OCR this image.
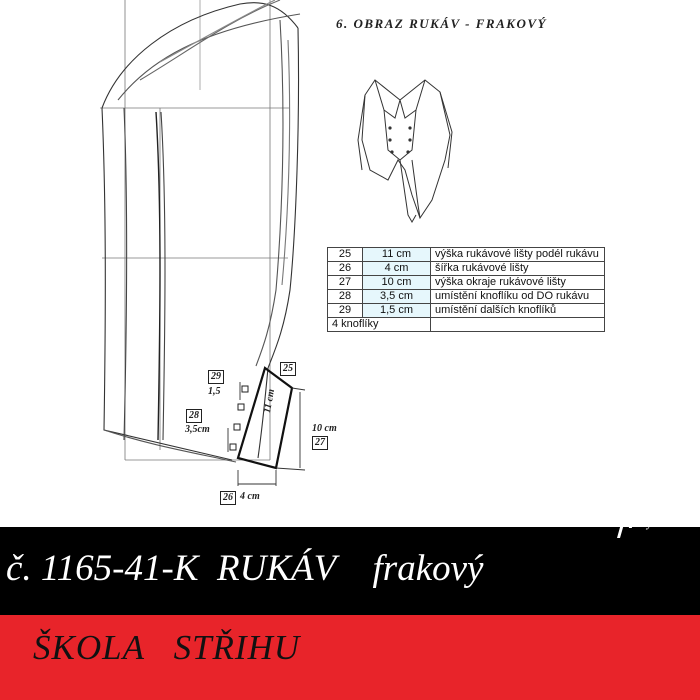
6. OBRAZ RUKÁV - FRAKOVÝ
25	11 cm	výška rukávové lišty podél rukávu
26	4 cm	šířka rukávové lišty
27	10 cm	výška okraje rukávové lišty
28	3,5 cm	umístění knoflíku od DO rukávu
29	1,5 cm	umístění dalších knoflíků
4 knoflíky		
25
29
1,5
28
3,5cm
11 cm
10 cm
27
26 4 cm
č. 1165-41-K  RUKÁV    frakový
ŠKOLA   STŘIHU
Střihy
Otylka
